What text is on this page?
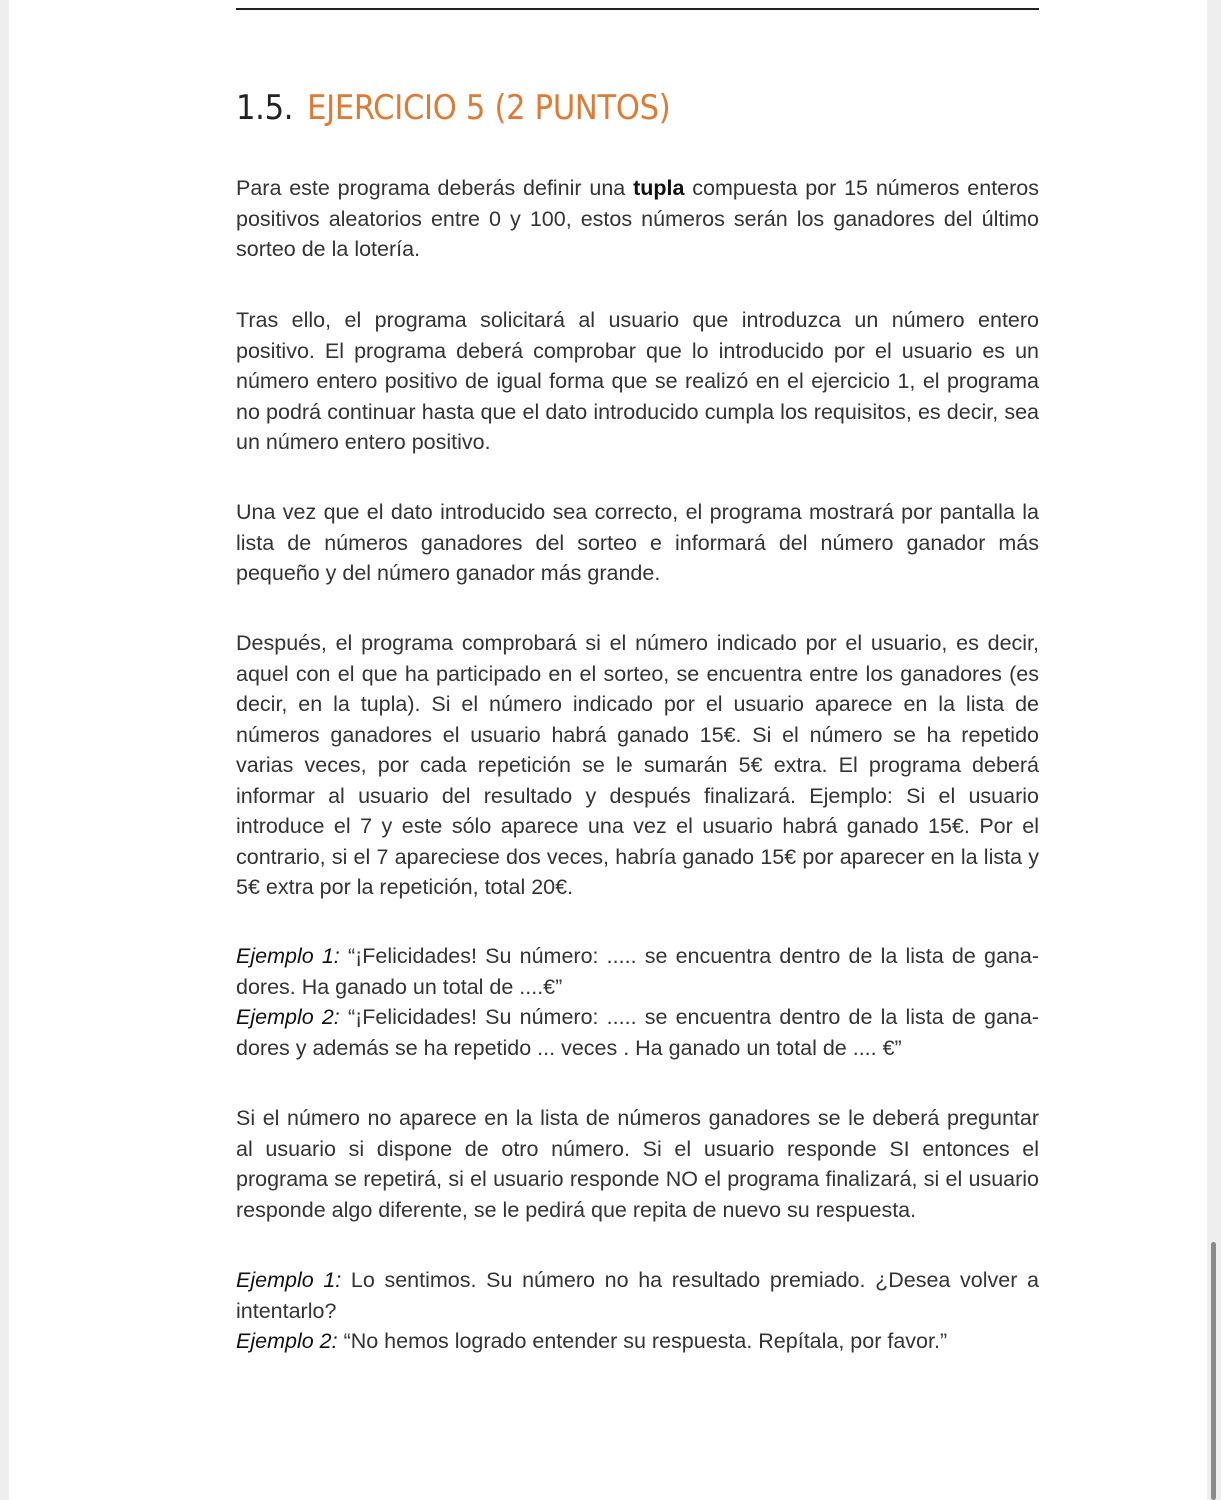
1.5. EJERCICIO 5 (2 PUNTOS)

Para este programa deberás definir una tupla compuesta por 15 números enteros positivos aleatorios entre 0 y 100, estos números serán los ganadores del último sorteo de la lotería.

Tras ello, el programa solicitará al usuario que introduzca un número entero positivo. El programa deberá comprobar que lo introducido por el usuario es un número entero positivo de igual forma que se realizó en el ejercicio 1, el programa no podrá continuar hasta que el dato introducido cumpla los requisitos, es decir, sea un número entero positivo.

Una vez que el dato introducido sea correcto, el programa mostrará por pantalla la lista de números ganadores del sorteo e informará del número ganador más pequeño y del número ganador más grande.

Después, el programa comprobará si el número indicado por el usuario, es decir, aquel con el que ha participado en el sorteo, se encuentra entre los ganadores (es decir, en la tupla). Si el número indicado por el usuario aparece en la lista de números ganadores el usuario habrá ganado 15€. Si el número se ha repetido varias veces, por cada repetición se le sumarán 5€ extra. El programa deberá informar al usuario del resultado y después finalizará. Ejemplo: Si el usuario introduce el 7 y este sólo aparece una vez el usuario habrá ganado 15€. Por el contrario, si el 7 apareciese dos veces, habría ganado 15€ por aparecer en la lista y 5€ extra por la repetición, total 20€.

Ejemplo 1: “¡Felicidades! Su número: ..... se encuentra dentro de la lista de ganadores. Ha ganado un total de ....€”
Ejemplo 2: “¡Felicidades! Su número: ..... se encuentra dentro de la lista de ganadores y además se ha repetido ... veces . Ha ganado un total de .... €”

Si el número no aparece en la lista de números ganadores se le deberá preguntar al usuario si dispone de otro número. Si el usuario responde SI entonces el programa se repetirá, si el usuario responde NO el programa finalizará, si el usuario responde algo diferente, se le pedirá que repita de nuevo su respuesta.

Ejemplo 1: Lo sentimos. Su número no ha resultado premiado. ¿Desea volver a intentarlo?
Ejemplo 2: “No hemos logrado entender su respuesta. Repítala, por favor.”
